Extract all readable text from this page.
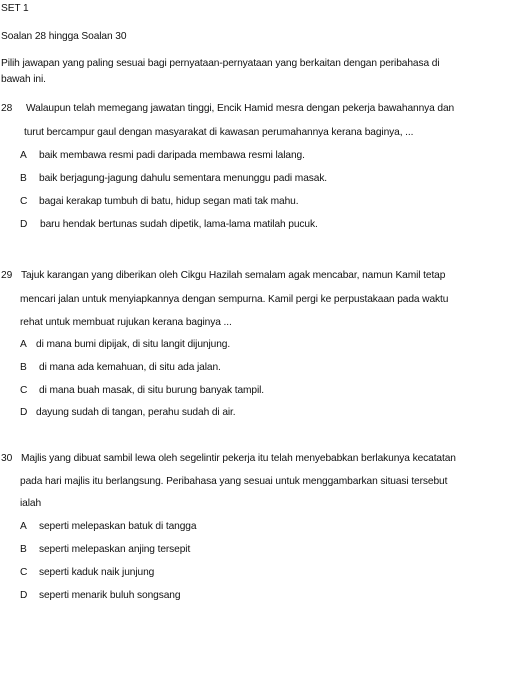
SET 1
Soalan 28 hingga Soalan 30
Pilih jawapan yang paling sesuai bagi pernyataan-pernyataan yang berkaitan dengan peribahasa di
bawah ini.
28 Walaupun telah memegang jawatan tinggi, Encik Hamid mesra dengan pekerja bawahannya dan
turut bercampur gaul dengan masyarakat di kawasan perumahannya kerana baginya, ...
A baik membawa resmi padi daripada membawa resmi lalang.
B baik berjagung-jagung dahulu sementara menunggu padi masak.
C bagai kerakap tumbuh di batu, hidup segan mati tak mahu.
D baru hendak bertunas sudah dipetik, lama-lama matilah pucuk.
29 Tajuk karangan yang diberikan oleh Cikgu Hazilah semalam agak mencabar, namun Kamil tetap
mencari jalan untuk menyiapkannya dengan sempurna. Kamil pergi ke perpustakaan pada waktu
rehat untuk membuat rujukan kerana baginya ...
A di mana bumi dipijak, di situ langit dijunjung.
B di mana ada kemahuan, di situ ada jalan.
C di mana buah masak, di situ burung banyak tampil.
D dayung sudah di tangan, perahu sudah di air.
30 Majlis yang dibuat sambil lewa oleh segelintir pekerja itu telah menyebabkan berlakunya kecatatan
pada hari majlis itu berlangsung. Peribahasa yang sesuai untuk menggambarkan situasi tersebut
ialah
A seperti melepaskan batuk di tangga
B seperti melepaskan anjing tersepit
C seperti kaduk naik junjung
D seperti menarik buluh songsang
